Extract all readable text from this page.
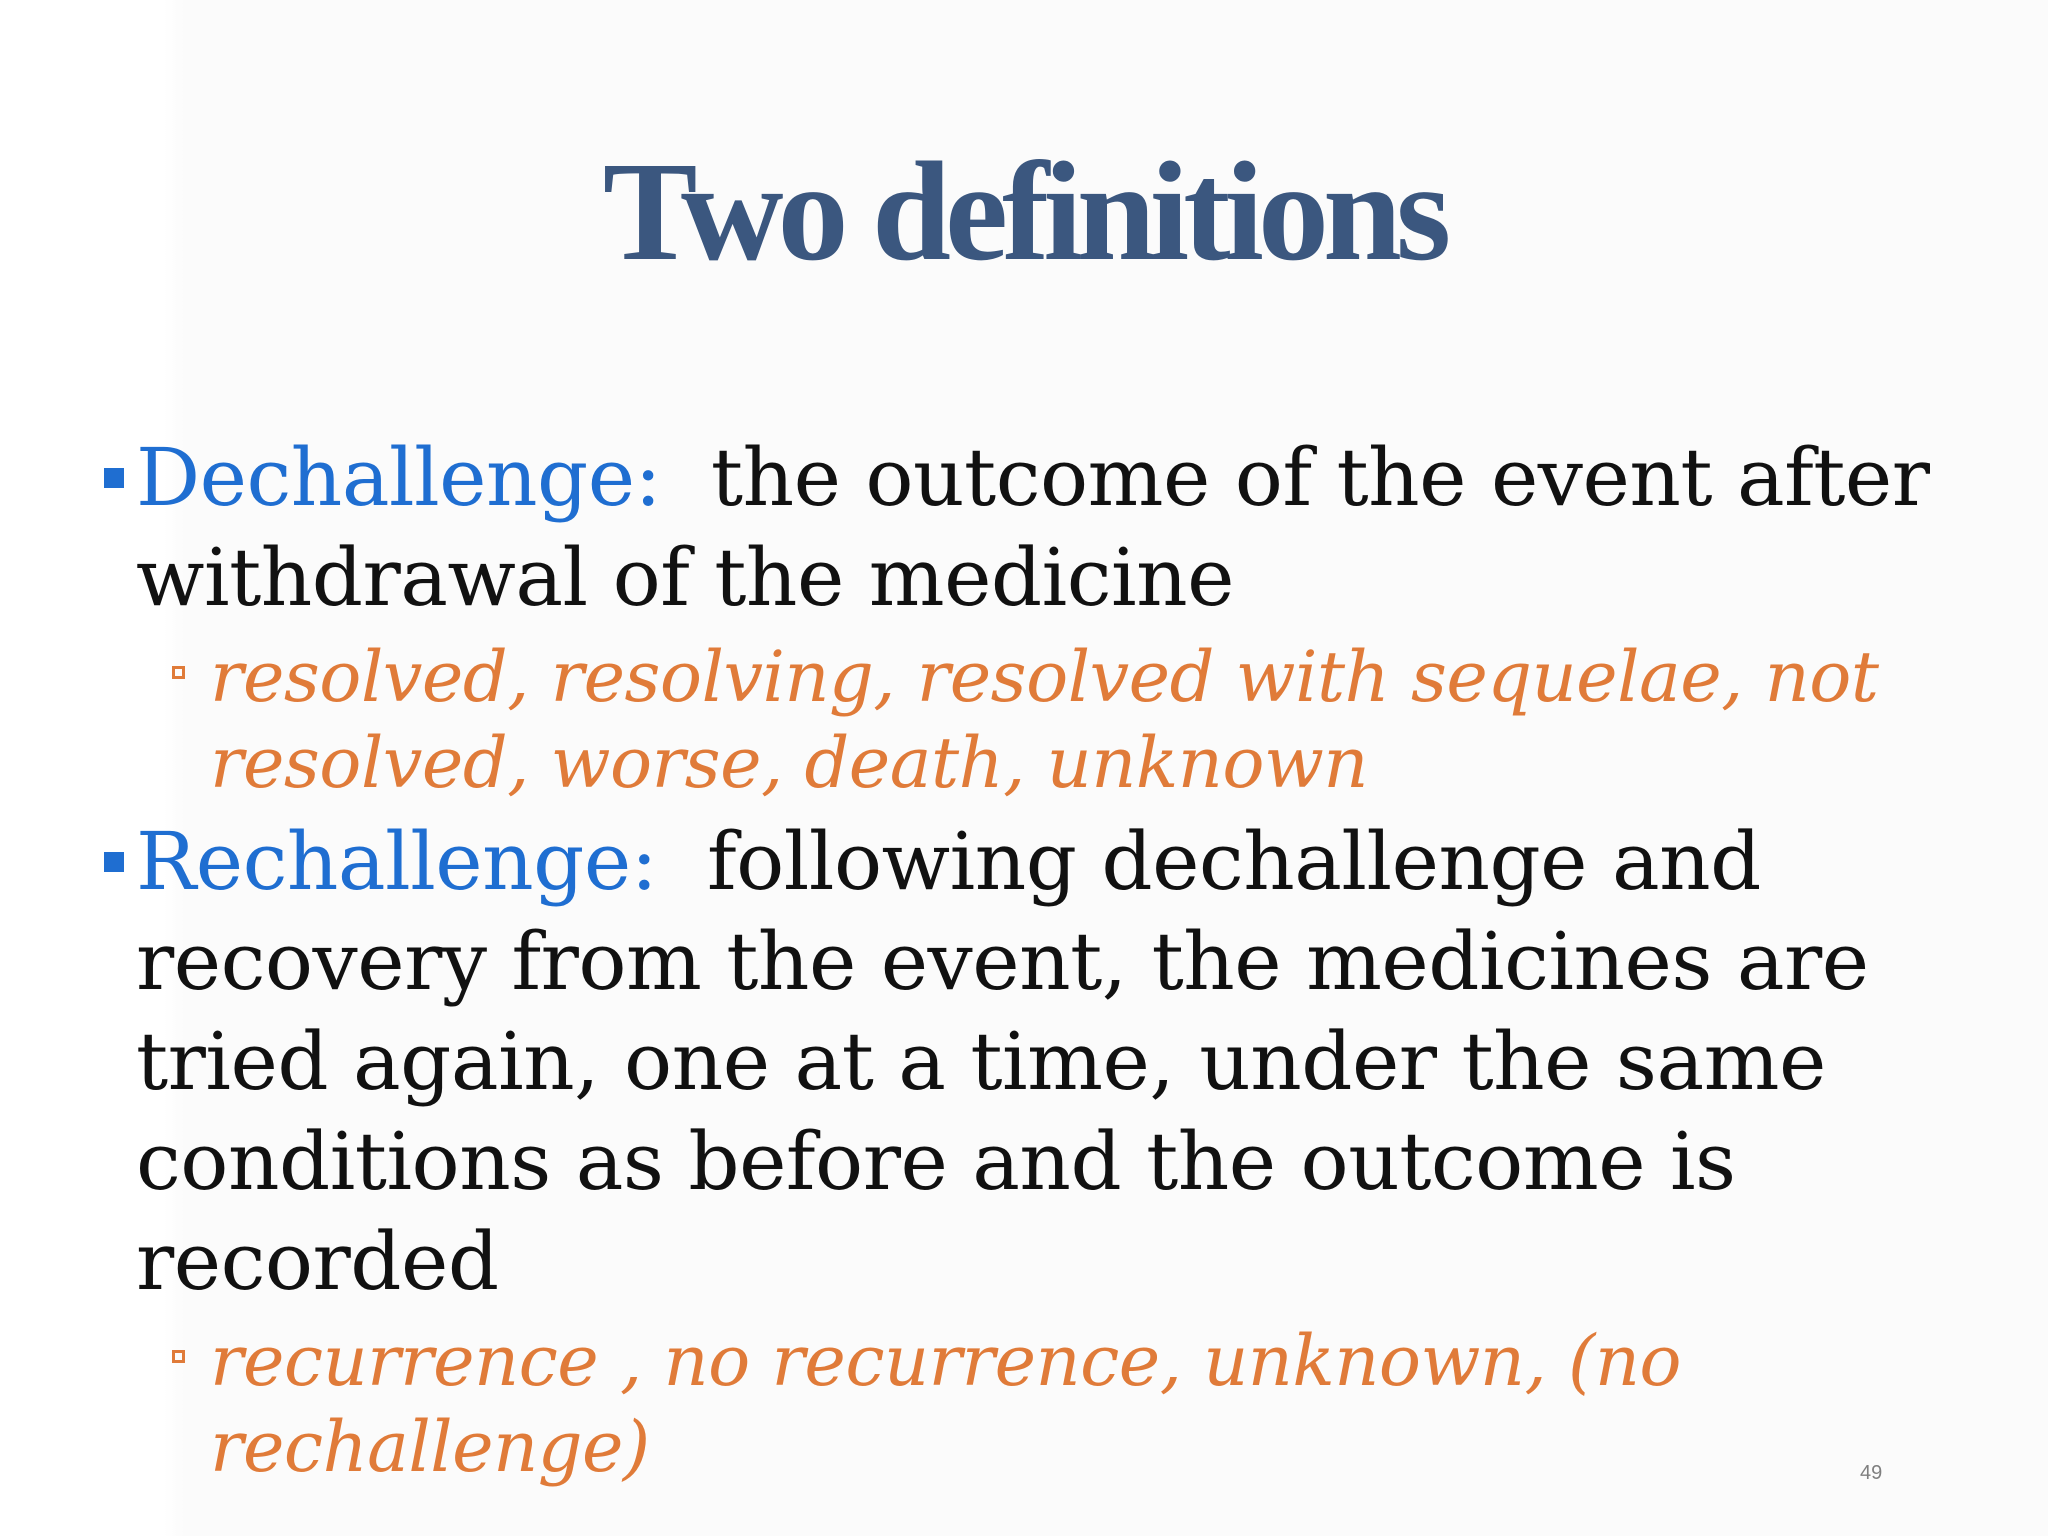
Two definitions
Dechallenge: the outcome of the event after withdrawal of the medicine
resolved, resolving, resolved with sequelae, not resolved, worse, death, unknown
Rechallenge: following dechallenge and recovery from the event, the medicines are tried again, one at a time, under the same conditions as before and the outcome is recorded
recurrence , no recurrence, unknown, (no rechallenge)	49
